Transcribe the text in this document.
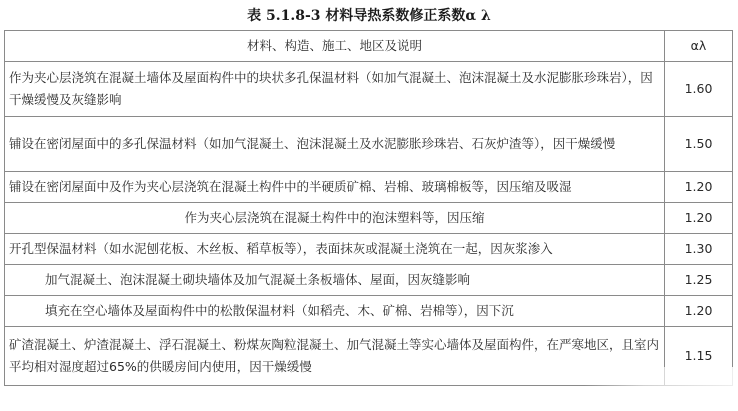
表 5.1.8-3 材料导热系数修正系数α λ
材料、构造、施工、地区及说明	αλ
作为夹心层浇筑在混凝土墙体及屋面构件中的块状多孔保温材料（如加气混凝土、泡沫混凝土及水泥膨胀珍珠岩），因干燥缓慢及灰缝影响	1.60
铺设在密闭屋面中的多孔保温材料（如加气混凝土、泡沫混凝土及水泥膨胀珍珠岩、石灰炉渣等），因干燥缓慢	1.50
铺设在密闭屋面中及作为夹心层浇筑在混凝土构件中的半硬质矿棉、岩棉、玻璃棉板等，因压缩及吸湿	1.20
作为夹心层浇筑在混凝土构件中的泡沫塑料等，因压缩	1.20
开孔型保温材料（如水泥刨花板、木丝板、稻草板等），表面抹灰或混凝土浇筑在一起，因灰浆渗入	1.30
加气混凝土、泡沫混凝土砌块墙体及加气混凝土条板墙体、屋面，因灰缝影响	1.25
填充在空心墙体及屋面构件中的松散保温材料（如稻壳、木、矿棉、岩棉等），因下沉	1.20
矿渣混凝土、炉渣混凝土、浮石混凝土、粉煤灰陶粒混凝土、加气混凝土等实心墙体及屋面构件，在严寒地区，且室内平均相对湿度超过65%的供暖房间内使用，因干燥缓慢	1.15
